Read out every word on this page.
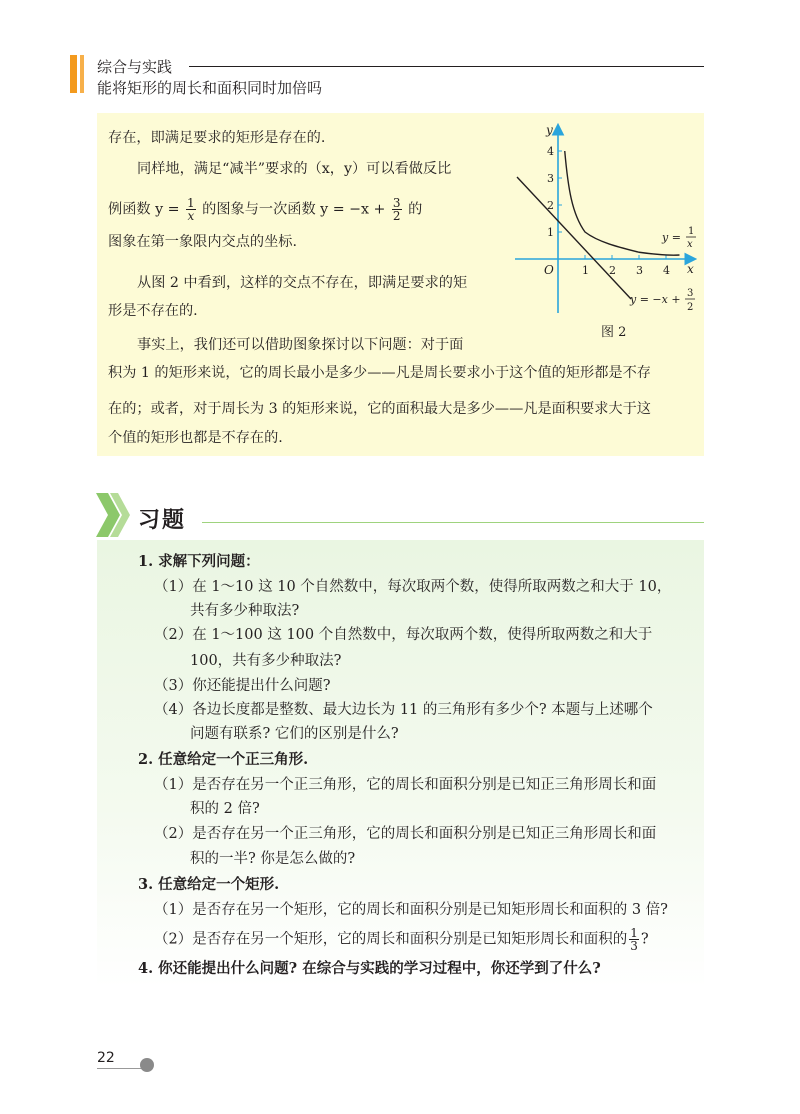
综合与实践
能将矩形的周长和面积同时加倍吗
存在，即满足要求的矩形是存在的.
同样地，满足“减半”要求的（x，y）可以看做反比
例函数 $y = \frac{1}{x}$ 的图象与一次函数 $y = -x + \frac{3}{2}$ 的
图象在第一象限内交点的坐标.
从图 2 中看到，这样的交点不存在，即满足要求的矩
形是不存在的.
事实上，我们还可以借助图象探讨以下问题：对于面
积为 1 的矩形来说，它的周长最小是多少——凡是周长要求小于这个值的矩形都是不存
在的；或者，对于周长为 3 的矩形来说，它的面积最大是多少——凡是面积要求大于这
个值的矩形也都是不存在的.
y
x
O	1 2 3 4
1
2
3
4
y = 1
x
y = −x + 3
2
图 2
习题
1. 求解下列问题：
（1）在 1～10 这 10 个自然数中，每次取两个数，使得所取两数之和大于 10，
共有多少种取法?
（2）在 1～100 这 100 个自然数中，每次取两个数，使得所取两数之和大于
100，共有多少种取法?
（3）你还能提出什么问题?
（4）各边长度都是整数、最大边长为 11 的三角形有多少个? 本题与上述哪个
问题有联系? 它们的区别是什么?
2. 任意给定一个正三角形.
（1）是否存在另一个正三角形，它的周长和面积分别是已知正三角形周长和面
积的 2 倍?
（2）是否存在另一个正三角形，它的周长和面积分别是已知正三角形周长和面
积的一半? 你是怎么做的?
3. 任意给定一个矩形.
（1）是否存在另一个矩形，它的周长和面积分别是已知矩形周长和面积的 3 倍?
（2）是否存在另一个矩形，它的周长和面积分别是已知矩形周长和面积的 $\frac{1}{3}$ ?
4. 你还能提出什么问题? 在综合与实践的学习过程中，你还学到了什么?
22
